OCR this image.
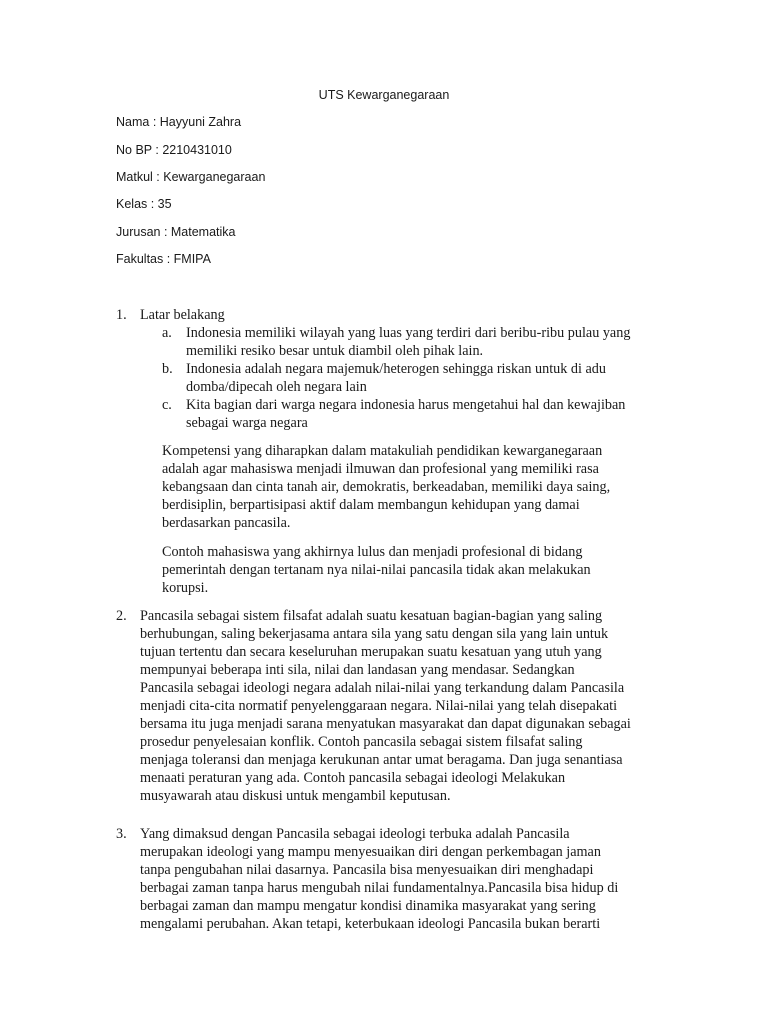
UTS Kewarganegaraan
Nama : Hayyuni Zahra
No BP : 2210431010
Matkul : Kewarganegaraan
Kelas : 35
Jurusan : Matematika
Fakultas : FMIPA
1. Latar belakang
a. Indonesia memiliki wilayah yang luas yang terdiri dari beribu-ribu pulau yang
memiliki resiko besar untuk diambil oleh pihak lain.
b. Indonesia adalah negara majemuk/heterogen sehingga riskan untuk di adu
domba/dipecah oleh negara lain
c. Kita bagian dari warga negara indonesia harus mengetahui hal dan kewajiban
sebagai warga negara
Kompetensi yang diharapkan dalam matakuliah pendidikan kewarganegaraan
adalah agar mahasiswa menjadi ilmuwan dan profesional yang memiliki rasa
kebangsaan dan cinta tanah air, demokratis, berkeadaban, memiliki daya saing,
berdisiplin, berpartisipasi aktif dalam membangun kehidupan yang damai
berdasarkan pancasila.
Contoh mahasiswa yang akhirnya lulus dan menjadi profesional di bidang
pemerintah dengan tertanam nya nilai-nilai pancasila tidak akan melakukan
korupsi.
2. Pancasila sebagai sistem filsafat adalah suatu kesatuan bagian-bagian yang saling
berhubungan, saling bekerjasama antara sila yang satu dengan sila yang lain untuk
tujuan tertentu dan secara keseluruhan merupakan suatu kesatuan yang utuh yang
mempunyai beberapa inti sila, nilai dan landasan yang mendasar. Sedangkan
Pancasila sebagai ideologi negara adalah nilai-nilai yang terkandung dalam Pancasila
menjadi cita-cita normatif penyelenggaraan negara. Nilai-nilai yang telah disepakati
bersama itu juga menjadi sarana menyatukan masyarakat dan dapat digunakan sebagai
prosedur penyelesaian konflik. Contoh pancasila sebagai sistem filsafat saling
menjaga toleransi dan menjaga kerukunan antar umat beragama. Dan juga senantiasa
menaati peraturan yang ada. Contoh pancasila sebagai ideologi Melakukan
musyawarah atau diskusi untuk mengambil keputusan.
3. Yang dimaksud dengan Pancasila sebagai ideologi terbuka adalah Pancasila
merupakan ideologi yang mampu menyesuaikan diri dengan perkembagan jaman
tanpa pengubahan nilai dasarnya. Pancasila bisa menyesuaikan diri menghadapi
berbagai zaman tanpa harus mengubah nilai fundamentalnya.Pancasila bisa hidup di
berbagai zaman dan mampu mengatur kondisi dinamika masyarakat yang sering
mengalami perubahan. Akan tetapi, keterbukaan ideologi Pancasila bukan berarti
